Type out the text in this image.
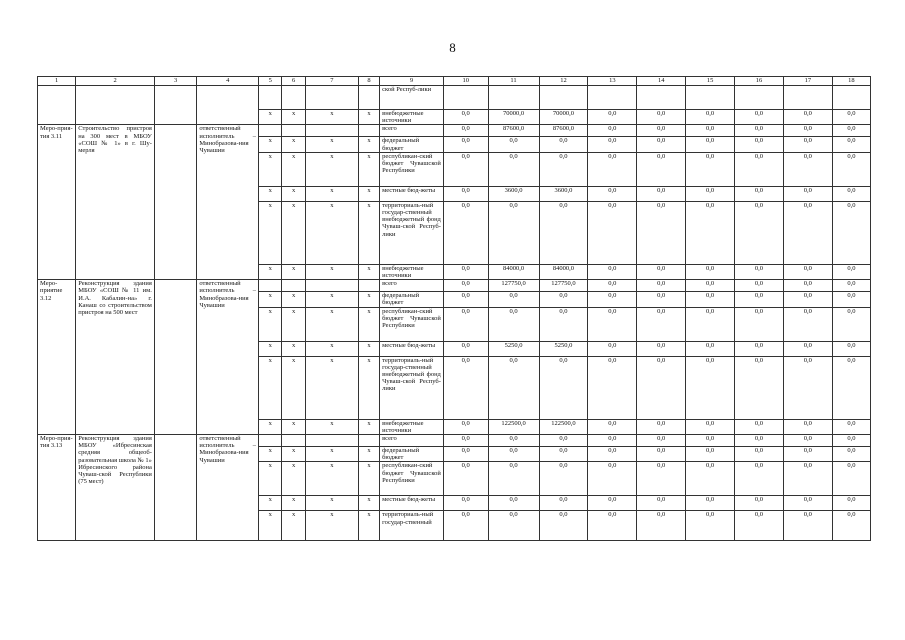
8
1	2	3	4	5	6	7	8	9	10	11	12	13	14	15	16	17	18
								ской Респуб-лики									
				x	x	x	x	внебюджетные источники	0,0	70000,0	70000,0	0,0	0,0	0,0	0,0	0,0	0,0
Меро-прия-тия 3.11	Строительство пристроя на 300 мест в МБОУ «СОШ № 1» в г. Шу-мерля		ответственный исполнитель – Минобразова-ния Чувашии					всего	0,0	87600,0	87600,0	0,0	0,0	0,0	0,0	0,0	0,0
				x	x	x	x	федеральный бюджет	0,0	0,0	0,0	0,0	0,0	0,0	0,0	0,0	0,0
				x	x	x	x	республикан-ский бюджет Чувашской Республики	0,0	0,0	0,0	0,0	0,0	0,0	0,0	0,0	0,0
				x	x	x	x	местные бюд-жеты	0,0	3600,0	3600,0	0,0	0,0	0,0	0,0	0,0	0,0
				x	x	x	x	территориаль-ный государ-ственный внебюджетный фонд Чуваш-ской Респуб-лики	0,0	0,0	0,0	0,0	0,0	0,0	0,0	0,0	0,0
				x	x	x	x	внебюджетные источники	0,0	84000,0	84000,0	0,0	0,0	0,0	0,0	0,0	0,0
Меро-приятие 3.12	Реконструкция здания МБОУ «СОШ № 11 им. И.А. Кабалин-на» г. Канаш со строительством пристроя на 500 мест		ответственный исполнитель – Минобразова-ния Чувашии					всего	0,0	127750,0	127750,0	0,0	0,0	0,0	0,0	0,0	0,0
				x	x	x	x	федеральный бюджет	0,0	0,0	0,0	0,0	0,0	0,0	0,0	0,0	0,0
				x	x	x	x	республикан-ский бюджет Чувашской Республики	0,0	0,0	0,0	0,0	0,0	0,0	0,0	0,0	0,0
				x	x	x	x	местные бюд-жеты	0,0	5250,0	5250,0	0,0	0,0	0,0	0,0	0,0	0,0
				x	x	x	x	территориаль-ный государ-ственный внебюджетный фонд Чуваш-ской Респуб-лики	0,0	0,0	0,0	0,0	0,0	0,0	0,0	0,0	0,0
				x	x	x	x	внебюджетные источники	0,0	122500,0	122500,0	0,0	0,0	0,0	0,0	0,0	0,0
Меро-прия-тия 3.13	Реконструкция здания МБОУ «Ибресинская средняя общеоб-разовательная школа № 1» Ибресинского района Чуваш-ской Республики (75 мест)		ответственный исполнитель – Минобразова-ния Чувашии					всего	0,0	0,0	0,0	0,0	0,0	0,0	0,0	0,0	0,0
				x	x	x	x	федеральный бюджет	0,0	0,0	0,0	0,0	0,0	0,0	0,0	0,0	0,0
				x	x	x	x	республикан-ский бюджет Чувашской Республики	0,0	0,0	0,0	0,0	0,0	0,0	0,0	0,0	0,0
				x	x	x	x	местные бюд-жеты	0,0	0,0	0,0	0,0	0,0	0,0	0,0	0,0	0,0
				x	x	x	x	территориаль-ный государ-ственный	0,0	0,0	0,0	0,0	0,0	0,0	0,0	0,0	0,0
